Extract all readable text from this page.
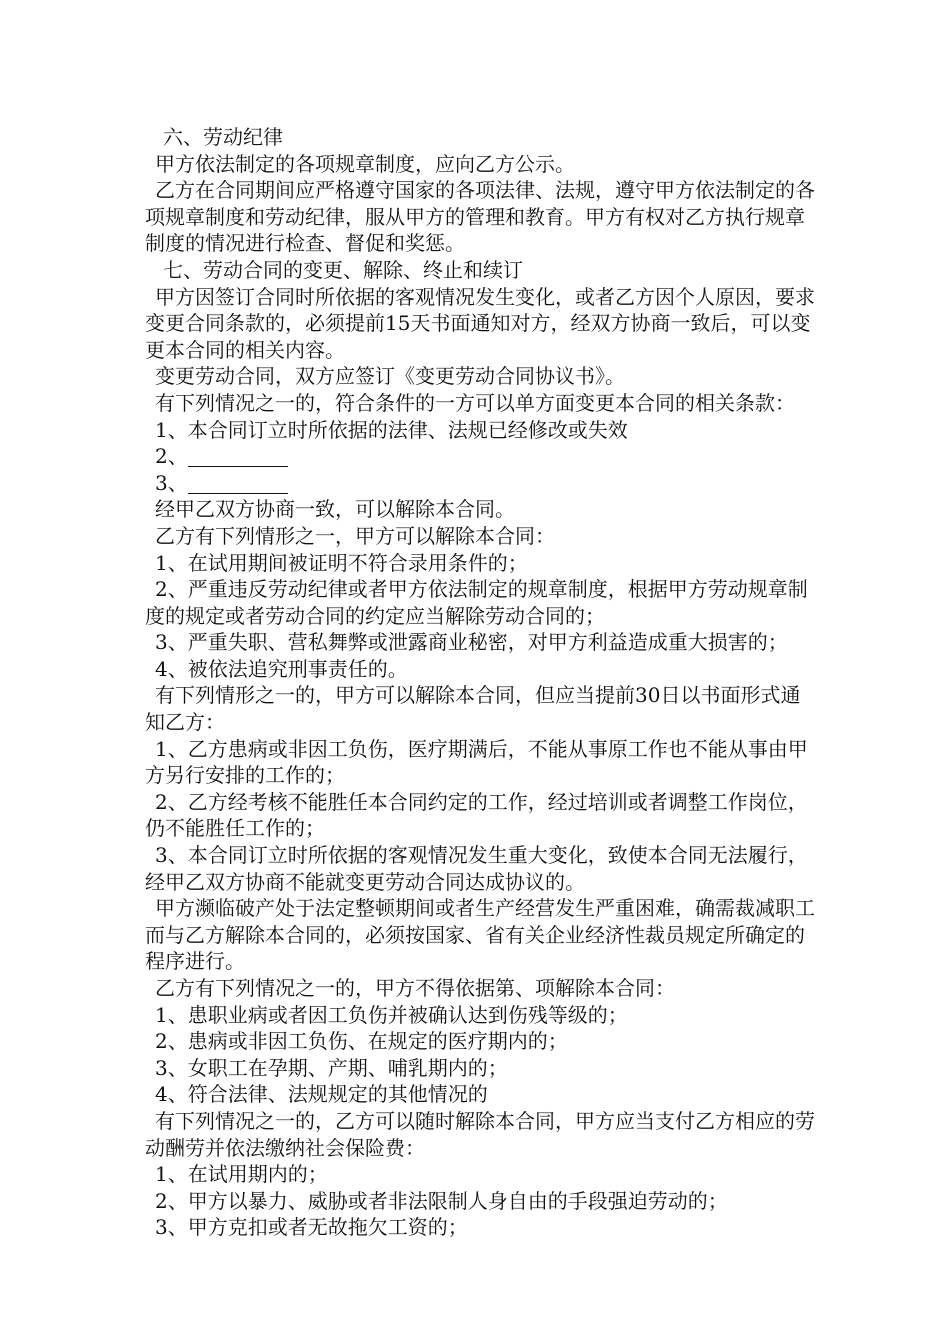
六、劳动纪律

甲方依法制定的各项规章制度，应向乙方公示。

乙方在合同期间应严格遵守国家的各项法律、法规，遵守甲方依法制定的各项规章制度和劳动纪律，服从甲方的管理和教育。甲方有权对乙方执行规章制度的情况进行检查、督促和奖惩。

七、劳动合同的变更、解除、终止和续订

甲方因签订合同时所依据的客观情况发生变化，或者乙方因个人原因，要求变更合同条款的，必须提前15天书面通知对方，经双方协商一致后，可以变更本合同的相关内容。

变更劳动合同，双方应签订《变更劳动合同协议书》。

有下列情况之一的，符合条件的一方可以单方面变更本合同的相关条款：

1、本合同订立时所依据的法律、法规已经修改或失效

2、

3、

经甲乙双方协商一致，可以解除本合同。

乙方有下列情形之一，甲方可以解除本合同：

1、在试用期间被证明不符合录用条件的；

2、严重违反劳动纪律或者甲方依法制定的规章制度，根据甲方劳动规章制度的规定或者劳动合同的约定应当解除劳动合同的；

3、严重失职、营私舞弊或泄露商业秘密，对甲方利益造成重大损害的；

4、被依法追究刑事责任的。

有下列情形之一的，甲方可以解除本合同，但应当提前30日以书面形式通知乙方：

1、乙方患病或非因工负伤，医疗期满后，不能从事原工作也不能从事由甲方另行安排的工作的；

2、乙方经考核不能胜任本合同约定的工作，经过培训或者调整工作岗位，仍不能胜任工作的；

3、本合同订立时所依据的客观情况发生重大变化，致使本合同无法履行，经甲乙双方协商不能就变更劳动合同达成协议的。

甲方濒临破产处于法定整顿期间或者生产经营发生严重困难，确需裁减职工而与乙方解除本合同的，必须按国家、省有关企业经济性裁员规定所确定的程序进行。

乙方有下列情况之一的，甲方不得依据第、项解除本合同：

1、患职业病或者因工负伤并被确认达到伤残等级的；

2、患病或非因工负伤、在规定的医疗期内的；

3、女职工在孕期、产期、哺乳期内的；

4、符合法律、法规规定的其他情况的

有下列情况之一的，乙方可以随时解除本合同，甲方应当支付乙方相应的劳动酬劳并依法缴纳社会保险费：

1、在试用期内的；

2、甲方以暴力、威胁或者非法限制人身自由的手段强迫劳动的；

3、甲方克扣或者无故拖欠工资的；
